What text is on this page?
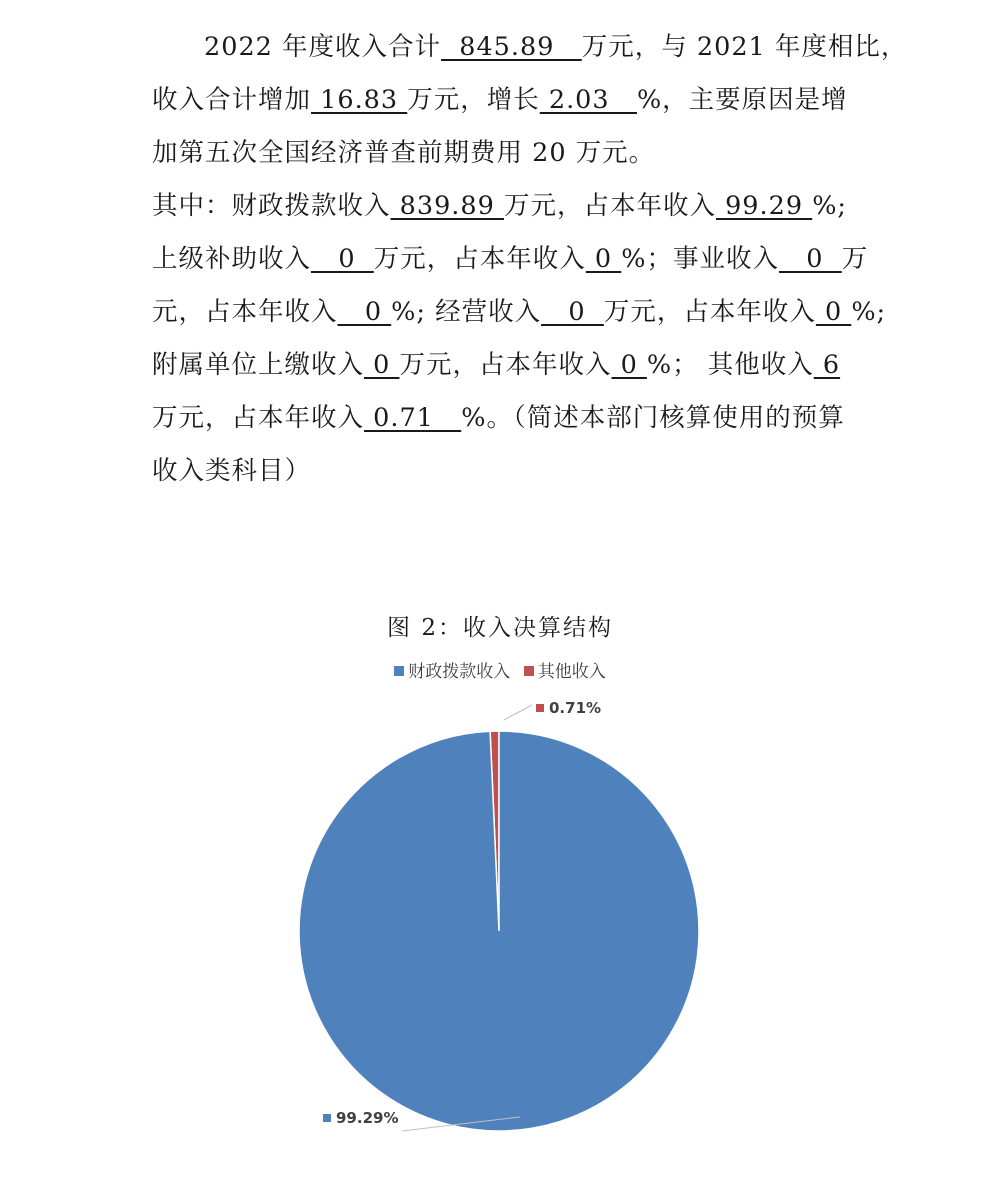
2022 年度收入合计  845.89   万元，与 2021 年度相比，
收入合计增加 16.83 万元，增长 2.03   %，主要原因是增
加第五次全国经济普查前期费用 20 万元。
其中：财政拨款收入 839.89 万元，占本年收入 99.29 %;
上级补助收入   0  万元，占本年收入 0 %；事业收入   0  万
元，占本年收入   0 %; 经营收入   0  万元，占本年收入 0 %;
附属单位上缴收入 0 万元，占本年收入 0 %； 其他收入 6
万元，占本年收入 0.71   %。（简述本部门核算使用的预算
收入类科目）
图 2：收入决算结构
财政拨款收入 其他收入
99.29%
0.71%
